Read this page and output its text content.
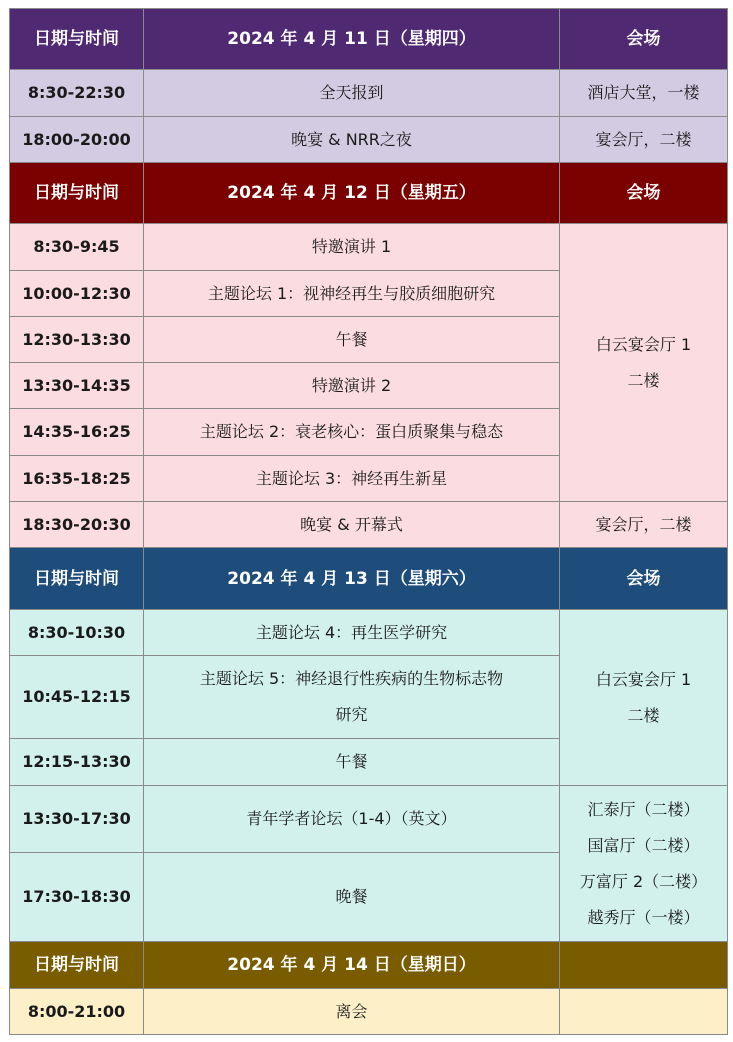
日期与时间	2024 年 4 月 11 日（星期四）	会场
8:30-22:30	全天报到	酒店大堂，一楼
18:00-20:00	晚宴 & NRR之夜	宴会厅，二楼
日期与时间	2024 年 4 月 12 日（星期五）	会场
8:30-9:45	特邀演讲 1	白云宴会厅 1
二楼

10:00-12:30	主题论坛 1：视神经再生与胶质细胞研究	
12:30-13:30	午餐	
13:30-14:35	特邀演讲 2	
14:35-16:25	主题论坛 2：衰老核心：蛋白质聚集与稳态	
16:35-18:25	主题论坛 3：神经再生新星	
18:30-20:30	晚宴 & 开幕式	宴会厅，二楼
日期与时间	2024 年 4 月 13 日（星期六）	会场
8:30-10:30	主题论坛 4：再生医学研究	白云宴会厅 1
二楼

10:45-12:15	主题论坛 5：神经退行性疾病的生物标志物
研究	

12:15-13:30	午餐	
13:30-17:30	青年学者论坛（1-4）（英文）	汇泰厅（二楼）
国富厅（二楼）
万富厅 2（二楼）
越秀厅（一楼）

17:30-18:30	晚餐	
日期与时间	2024 年 4 月 14 日（星期日）	
8:00-21:00	离会	
